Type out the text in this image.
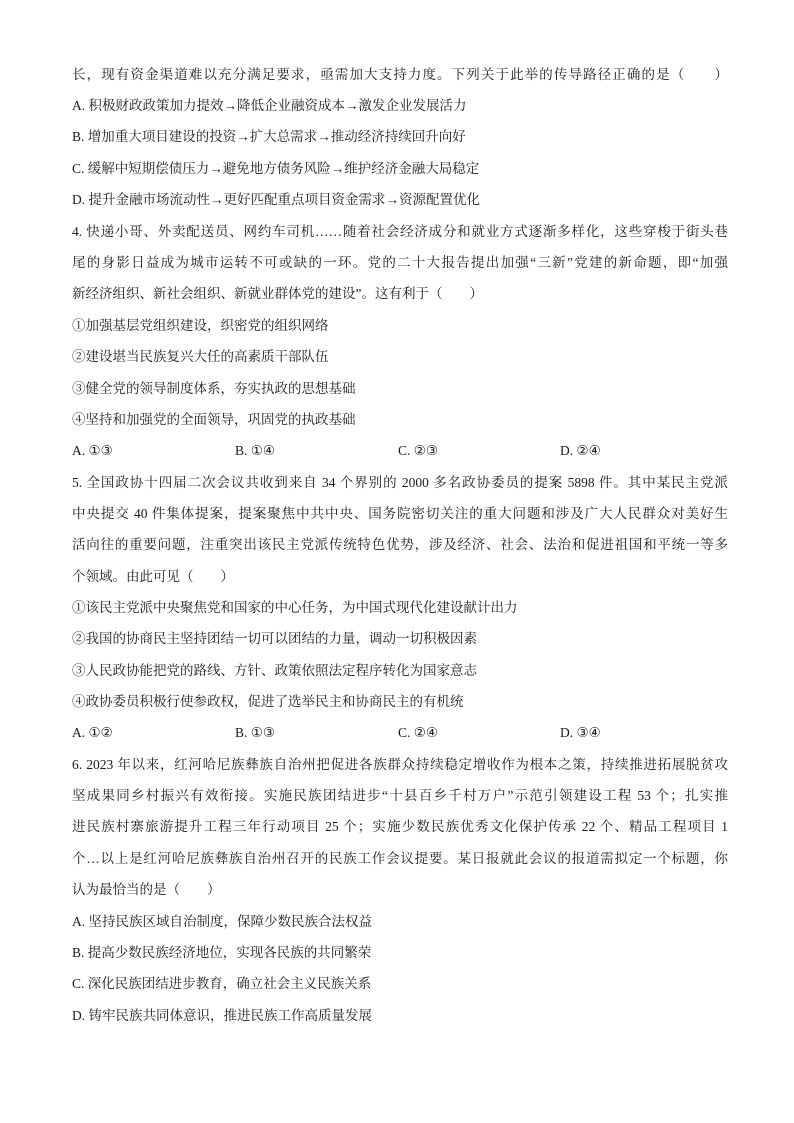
长，现有资金渠道难以充分满足要求，亟需加大支持力度。下列关于此举的传导路径正确的是（　　）
A. 积极财政政策加力提效→降低企业融资成本→激发企业发展活力
B. 增加重大项目建设的投资→扩大总需求→推动经济持续回升向好
C. 缓解中短期偿债压力→避免地方债务风险→维护经济金融大局稳定
D. 提升金融市场流动性→更好匹配重点项目资金需求→资源配置优化
4. 快递小哥、外卖配送员、网约车司机……随着社会经济成分和就业方式逐渐多样化，这些穿梭于街头巷
尾的身影日益成为城市运转不可或缺的一环。党的二十大报告提出加强“三新”党建的新命题，即“加强
新经济组织、新社会组织、新就业群体党的建设”。这有利于（　　）
①加强基层党组织建设，织密党的组织网络
②建设堪当民族复兴大任的高素质干部队伍
③健全党的领导制度体系，夯实执政的思想基础
④坚持和加强党的全面领导，巩固党的执政基础
A. ①③	B. ①④	C. ②③	D. ②④
5. 全国政协十四届二次会议共收到来自 34 个界别的 2000 多名政协委员的提案 5898 件。其中某民主党派
中央提交 40 件集体提案，提案聚焦中共中央、国务院密切关注的重大问题和涉及广大人民群众对美好生
活向往的重要问题，注重突出该民主党派传统特色优势，涉及经济、社会、法治和促进祖国和平统一等多
个领域。由此可见（　　）
①该民主党派中央聚焦党和国家的中心任务，为中国式现代化建设献计出力
②我国的协商民主坚持团结一切可以团结的力量，调动一切积极因素
③人民政协能把党的路线、方针、政策依照法定程序转化为国家意志
④政协委员积极行使参政权，促进了选举民主和协商民主的有机统
A. ①②	B. ①③	C. ②④	D. ③④
6. 2023 年以来，红河哈尼族彝族自治州把促进各族群众持续稳定增收作为根本之策，持续推进拓展脱贫攻
坚成果同乡村振兴有效衔接。实施民族团结进步“十县百乡千村万户”示范引领建设工程 53 个；扎实推
进民族村寨旅游提升工程三年行动项目 25 个；实施少数民族优秀文化保护传承 22 个、精品工程项目 1
个…以上是红河哈尼族彝族自治州召开的民族工作会议提要。某日报就此会议的报道需拟定一个标题，你
认为最恰当的是（　　）
A. 坚持民族区域自治制度，保障少数民族合法权益
B. 提高少数民族经济地位，实现各民族的共同繁荣
C. 深化民族团结进步教育，确立社会主义民族关系
D. 铸牢民族共同体意识，推进民族工作高质量发展
